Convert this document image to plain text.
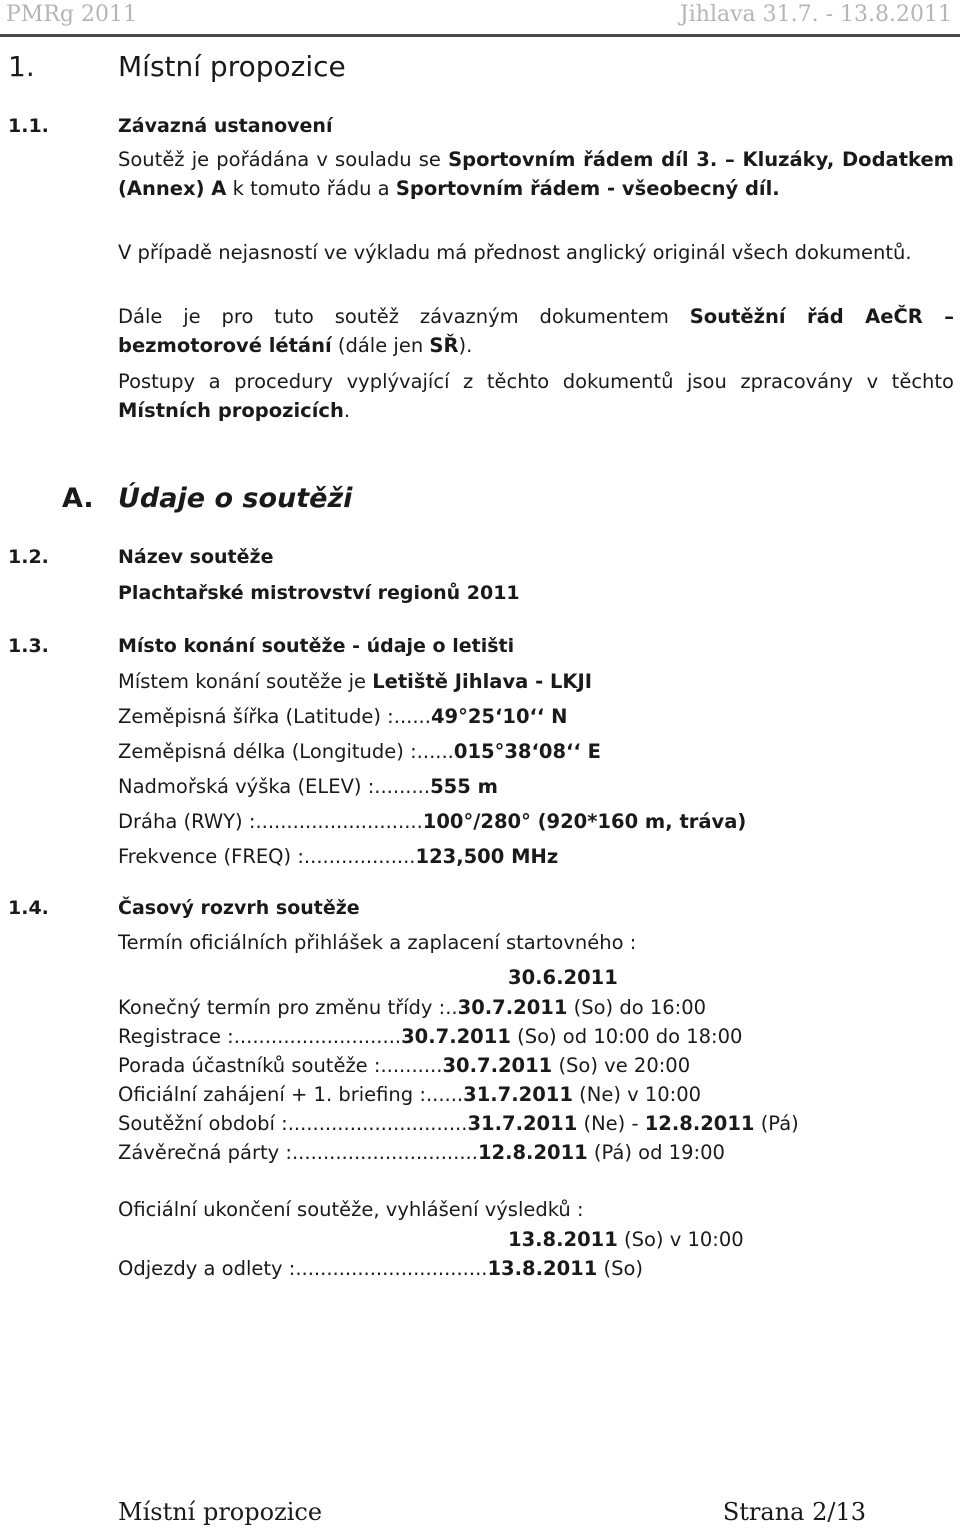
PMRg 2011	Jihlava 31.7. - 13.8.2011
1.	Místní propozice
1.1.	Závazná ustanovení
Soutěž je pořádána v souladu se Sportovním řádem díl 3. – Kluzáky, Dodatkem (Annex) A k tomuto řádu a Sportovním řádem - všeobecný díl.
V případě nejasností ve výkladu má přednost anglický originál všech dokumentů.
Dále je pro tuto soutěž závazným dokumentem Soutěžní řád AeČR – bezmotorové létání (dále jen SŘ).
Postupy a procedury vyplývající z těchto dokumentů jsou zpracovány v těchto Místních propozicích.
A. Údaje o soutěži
1.2.	Název soutěže
Plachtařské mistrovství regionů 2011
1.3.	Místo konání soutěže - údaje o letišti
Místem konání soutěže je Letiště Jihlava - LKJI
Zeměpisná šířka (Latitude) :......49°25‘10‘‘ N
Zeměpisná délka (Longitude) :......015°38‘08‘‘ E
Nadmořská výška (ELEV) :.........555 m
Dráha (RWY) :...........................100°/280° (920*160 m, tráva)
Frekvence (FREQ) :..................123,500 MHz
1.4.	Časový rozvrh soutěže
Termín oficiálních přihlášek a zaplacení startovného :
30.6.2011
Konečný termín pro změnu třídy :..30.7.2011 (So) do 16:00
Registrace :...........................30.7.2011 (So) od 10:00 do 18:00
Porada účastníků soutěže :..........30.7.2011 (So) ve 20:00
Oficiální zahájení + 1. briefing :......31.7.2011 (Ne) v 10:00
Soutěžní období :.............................31.7.2011 (Ne) - 12.8.2011 (Pá)
Závěrečná párty :..............................12.8.2011 (Pá) od 19:00
Oficiální ukončení soutěže, vyhlášení výsledků :
13.8.2011 (So) v 10:00
Odjezdy a odlety :...............................13.8.2011 (So)
Místní propozice	Strana 2/13
